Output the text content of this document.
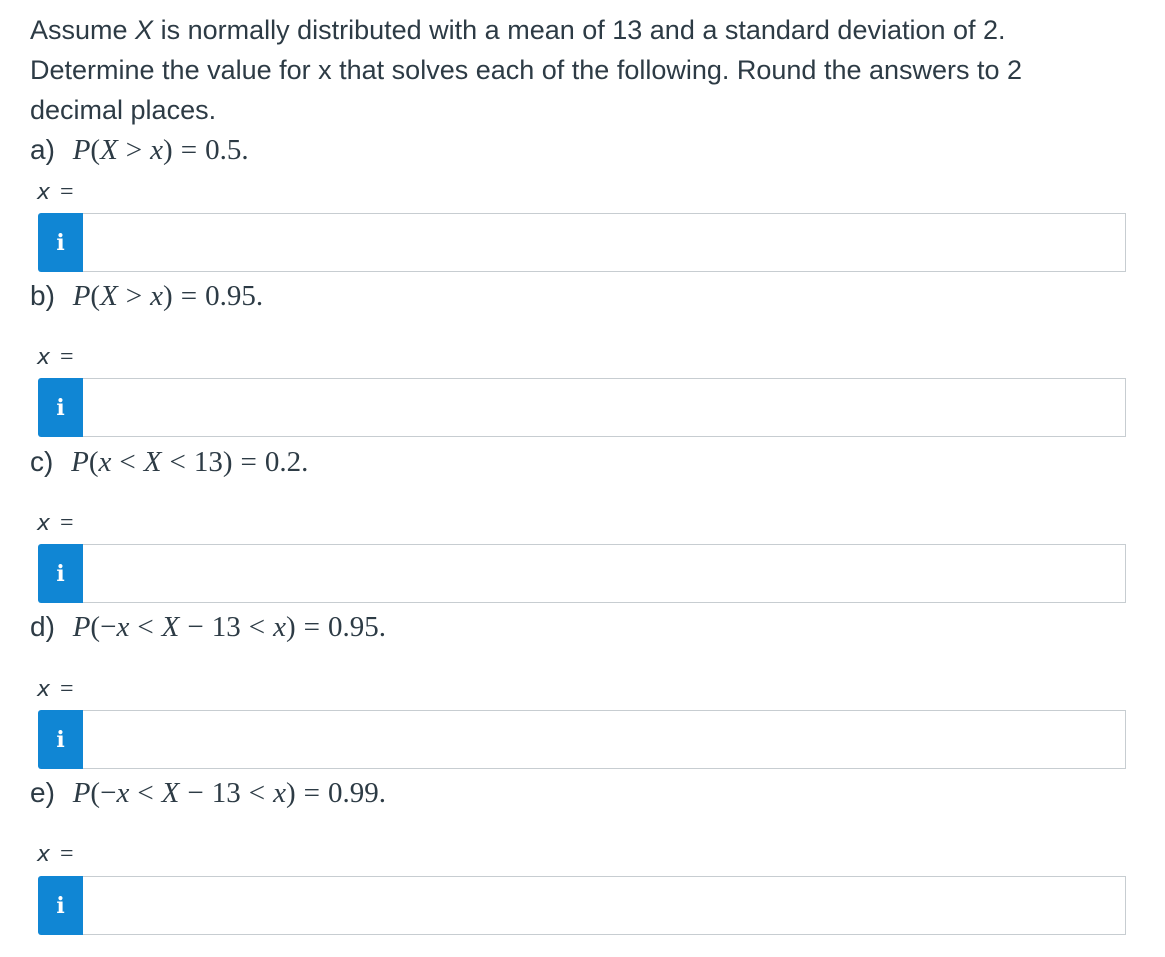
Assume X is normally distributed with a mean of 13 and a standard deviation of 2.
Determine the value for x that solves each of the following. Round the answers to 2
decimal places.
a) P(X > x) = 0.5.
x =
i
b) P(X > x) = 0.95.
x =
i
c) P(x < X < 13) = 0.2.
x =
i
d) P(−x < X − 13 < x) = 0.95.
x =
i
e) P(−x < X − 13 < x) = 0.99.
x =
i
